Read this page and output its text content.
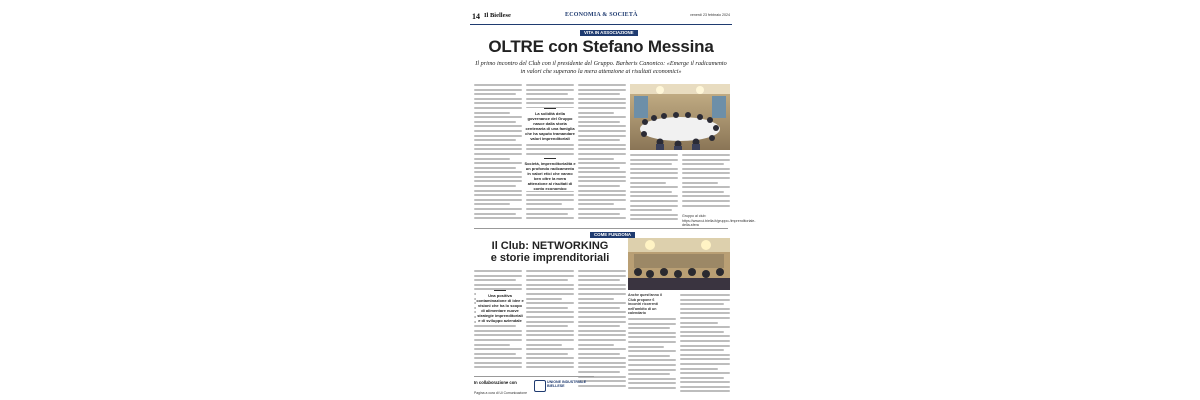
14 Il Biellese	ECONOMIA & SOCIETÀ	venerdì 23 febbraio 2024
VITA IN ASSOCIAZIONE
OLTRE con Stefano Messina
Il primo incontro del Club con il presidente del Gruppo. Barberis Canonico: «Emerge il radicamento in valori che superano la mera attenzione ai risultati economici»
La solidità della governance del Gruppo nasce dalla storia centenaria di una famiglia che ha saputo tramandare valori imprenditoriali
Società, imprenditorialità e un profondo radicamento in valori etici che vanno ben oltre la mera attenzione ai risultati di conto economico
Gruppo al club: https://www.ui.biella.it/gruppo-/imprenditoriale-della-sfera
COME FUNZIONA
Il Club: NETWORKING
e storie imprenditoriali
Una positiva contaminazione di idee e visioni che ha lo scopo di alimentare nuove strategie imprenditoriali e di sviluppo aziendale
Anche quest'anno il Club propone 6 incontri ricorrenti nell'ambito di un calendario
In collaborazione con	UNIONE INDUSTRIALE BIELLESE
Pagina a cura di Ui Comunicazione
